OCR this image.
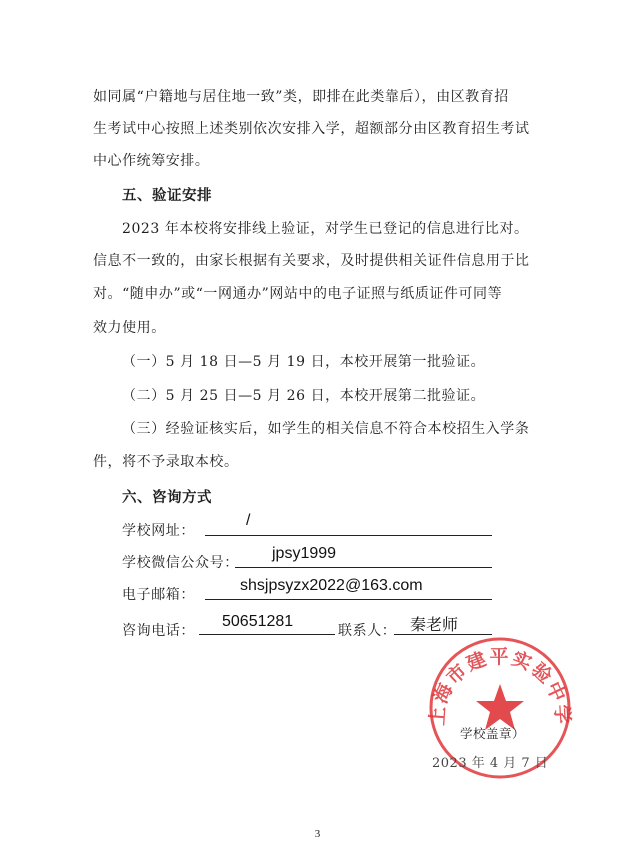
如同属“户籍地与居住地一致”类，即排在此类靠后），由区教育招
生考试中心按照上述类别依次安排入学，超额部分由区教育招生考试
中心作统筹安排。
五、验证安排
2023 年本校将安排线上验证，对学生已登记的信息进行比对。
信息不一致的，由家长根据有关要求，及时提供相关证件信息用于比
对。“随申办”或“一网通办”网站中的电子证照与纸质证件可同等
效力使用。
（一）5 月 18 日—5 月 19 日，本校开展第一批验证。
（二）5 月 25 日—5 月 26 日，本校开展第二批验证。
（三）经验证核实后，如学生的相关信息不符合本校招生入学条
件，将不予录取本校。
六、咨询方式
学校网址：
/
学校微信公众号：
jpsy1999
电子邮箱：
shsjpsyzx2022@163.com
咨询电话：
50651281
联系人： 秦老师
上海市建平实验中学
学校盖章）
2023 年 4 月 7 日
3
